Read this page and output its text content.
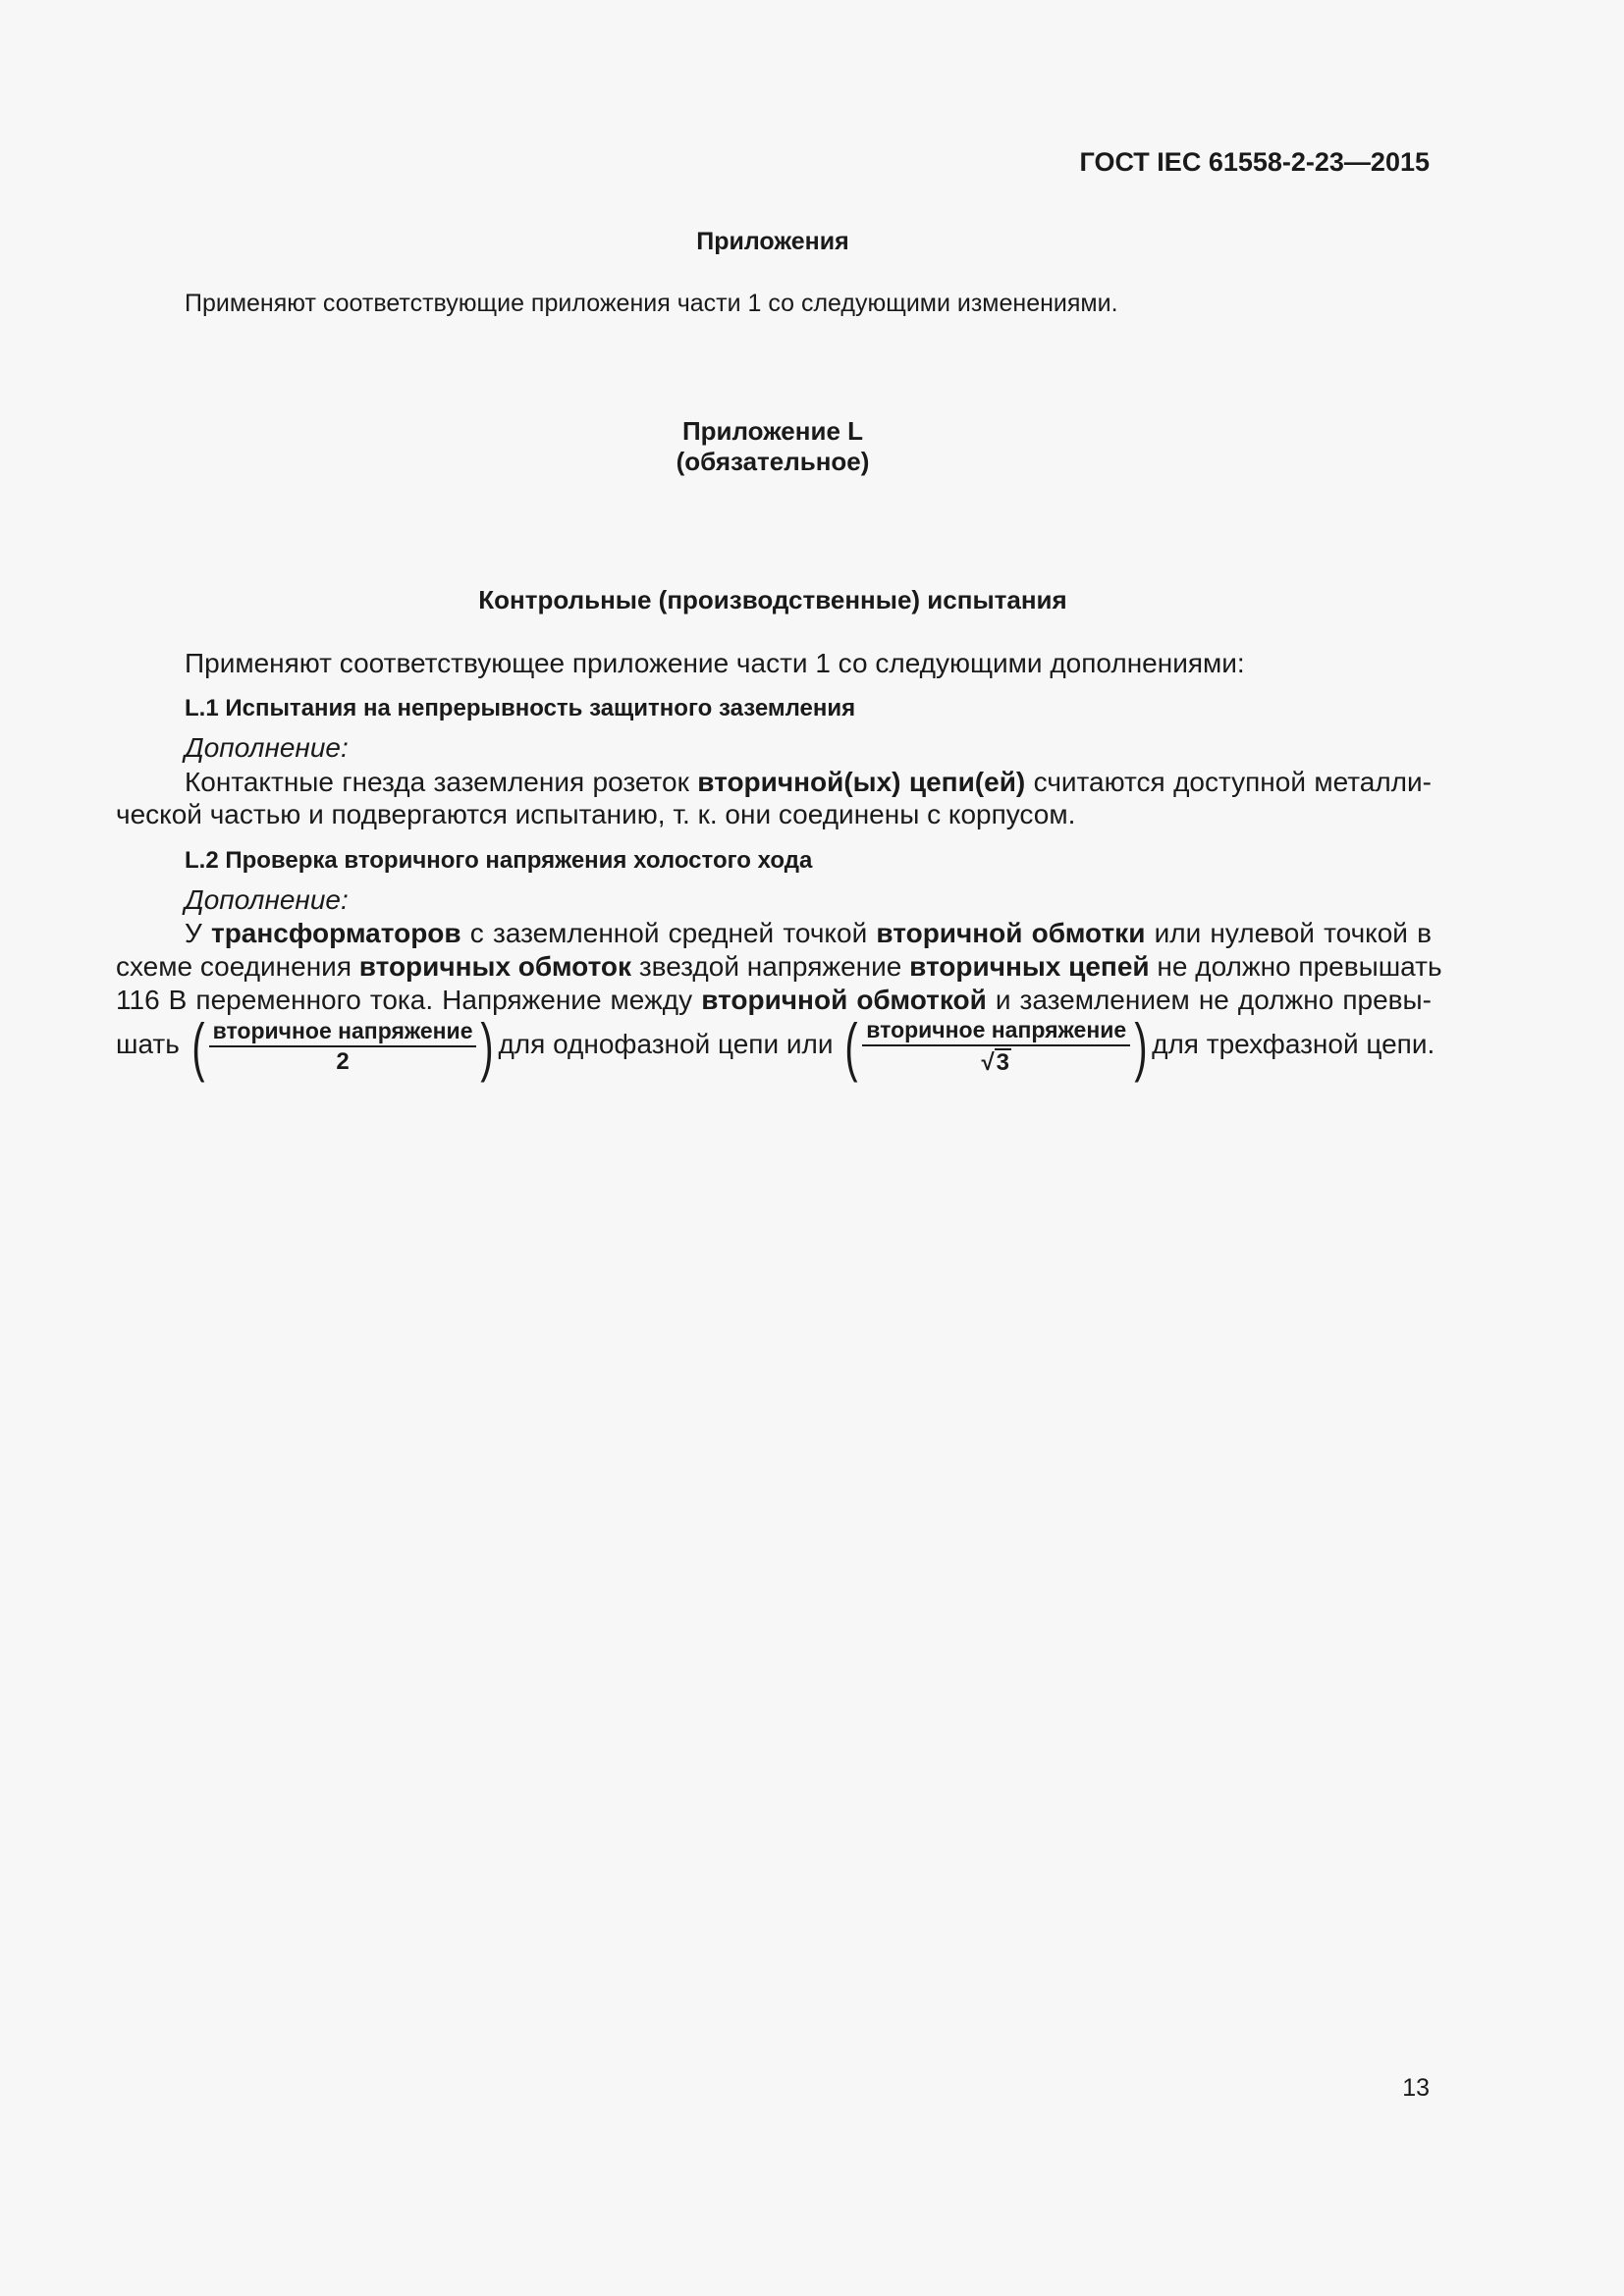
ГОСТ IEC 61558-2-23—2015
Приложения
Применяют соответствующие приложения части 1 со следующими изменениями.
Приложение L
(обязательное)
Контрольные (производственные) испытания
Применяют соответствующее приложение части 1 со следующими дополнениями:
L.1 Испытания на непрерывность защитного заземления
Дополнение:
Контактные гнезда заземления розеток вторичной(ых) цепи(ей) считаются доступной металли-
ческой частью и подвергаются испытанию, т. к. они соединены с корпусом.
L.2 Проверка вторичного напряжения холостого хода
Дополнение:
У трансформаторов с заземленной средней точкой вторичной обмотки или нулевой точкой в
схеме соединения вторичных обмоток звездой напряжение вторичных цепей не должно превышать
116 В переменного тока. Напряжение между вторичной обмоткой и заземлением не должно превы-
шать ( $\frac{\text{вторичное напряжение}}{2}$ ) для однофазной цепи или ( $\frac{\text{вторичное напряжение}}{√ 3}$ ) для трехфазной цепи.
13
